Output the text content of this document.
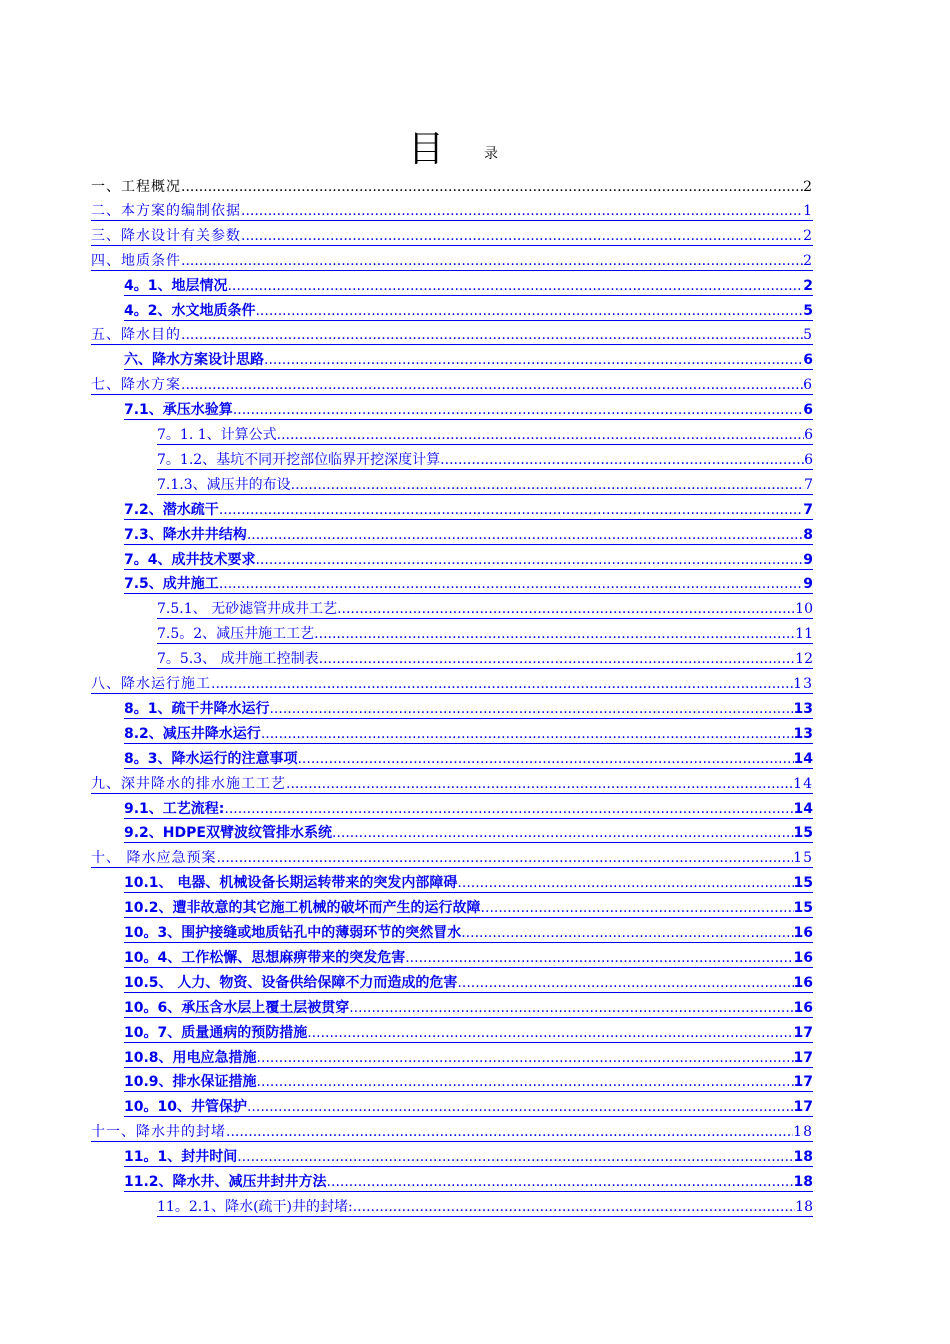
目	录
一、工程概况 .....	2
二、本方案的编制依据 .....	1
三、降水设计有关参数 .....	2
四、地质条件 .....	2
4。1、地层情况 .....	2
4。2、水文地质条件 .....	5
五、降水目的 .....	5
六、降水方案设计思路 .....	6
七、降水方案 .....	6
7.1、承压水验算 .....	6
7。1. 1、计算公式 .....	6
7。1.2、基坑不同开挖部位临界开挖深度计算 .....	6
7.1.3、减压井的布设 .....	7
7.2、潜水疏干 .....	7
7.3、降水井井结构 .....	8
7。4、成井技术要求 .....	9
7.5、成井施工 .....	9
7.5.1、 无砂滤管井成井工艺 .....	10
7.5。2、减压井施工工艺 .....	11
7。5.3、 成井施工控制表 .....	12
八、降水运行施工 .....	13
8。1、疏干井降水运行 .....	13
8.2、减压井降水运行 .....	13
8。3、降水运行的注意事项 .....	14
九、深井降水的排水施工工艺 .....	14
9.1、工艺流程: .....	14
9.2、HDPE双臂波纹管排水系统 .....	15
十、 降水应急预案 .....	15
10.1、 电器、机械设备长期运转带来的突发内部障碍 .....	15
10.2、遭非故意的其它施工机械的破坏而产生的运行故障 .....	15
10。3、围护接缝或地质钻孔中的薄弱环节的突然冒水 .....	16
10。4、工作松懈、思想麻痹带来的突发危害 .....	16
10.5、 人力、物资、设备供给保障不力而造成的危害 .....	16
10。6、承压含水层上覆土层被贯穿 .....	16
10。7、质量通病的预防措施 .....	17
10.8、用电应急措施 .....	17
10.9、排水保证措施 .....	17
10。10、井管保护 .....	17
十一、降水井的封堵 .....	18
11。1、封井时间 .....	18
11.2、降水井、减压井封井方法 .....	18
11。2.1、降水(疏干)井的封堵: .....	18
